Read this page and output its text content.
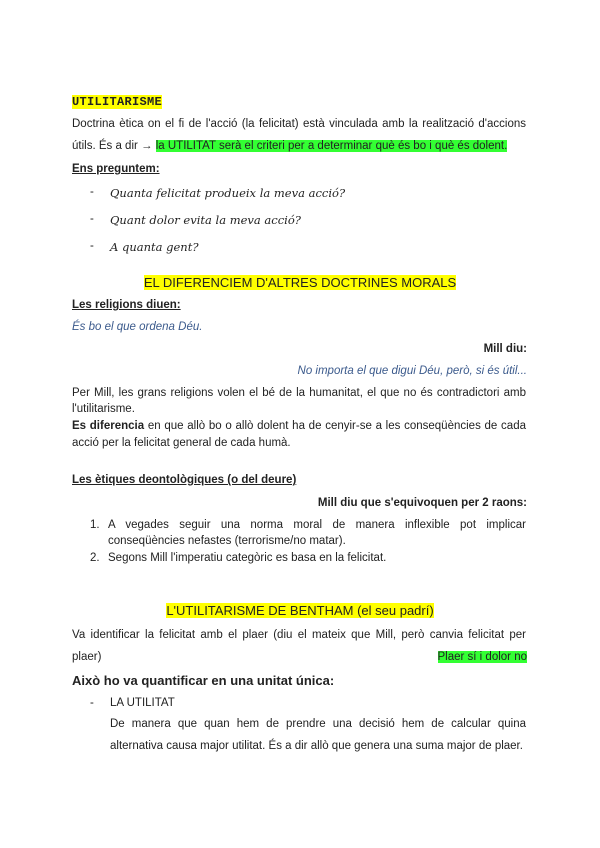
UTILITARISME
Doctrina ètica on el fi de l'acció (la felicitat) està vinculada amb la realització d'accions
útils. És a dir → la UTILITAT serà el criteri per a determinar què és bo i què és dolent.
Ens preguntem:
- Quanta felicitat produeix la meva acció?
- Quant dolor evita la meva acció?
- A quanta gent?
EL DIFERENCIEM D'ALTRES DOCTRINES MORALS
Les religions diuen:
És bo el que ordena Déu.
Mill diu:
No importa el que digui Déu, però, si és útil...
Per Mill, les grans religions volen el bé de la humanitat, el que no és contradictori amb
l'utilitarisme.
Es diferencia en que allò bo o allò dolent ha de cenyir-se a les conseqüències de cada
acció per la felicitat general de cada humà.
Les ètiques deontològiques (o del deure)
Mill diu que s'equivoquen per 2 raons:
1. A vegades seguir una norma moral de manera inflexible pot implicar
conseqüències nefastes (terrorisme/no matar).
2. Segons Mill l'imperatiu categòric es basa en la felicitat.
L'UTILITARISME DE BENTHAM (el seu padrí)
Va identificar la felicitat amb el plaer (diu el mateix que Mill, però canvia felicitat per
plaer)	Plaer sí i dolor no
Això ho va quantificar en una unitat única:
- LA UTILITAT
De manera que quan hem de prendre una decisió hem de calcular quina
alternativa causa major utilitat. És a dir allò que genera una suma major de plaer.
